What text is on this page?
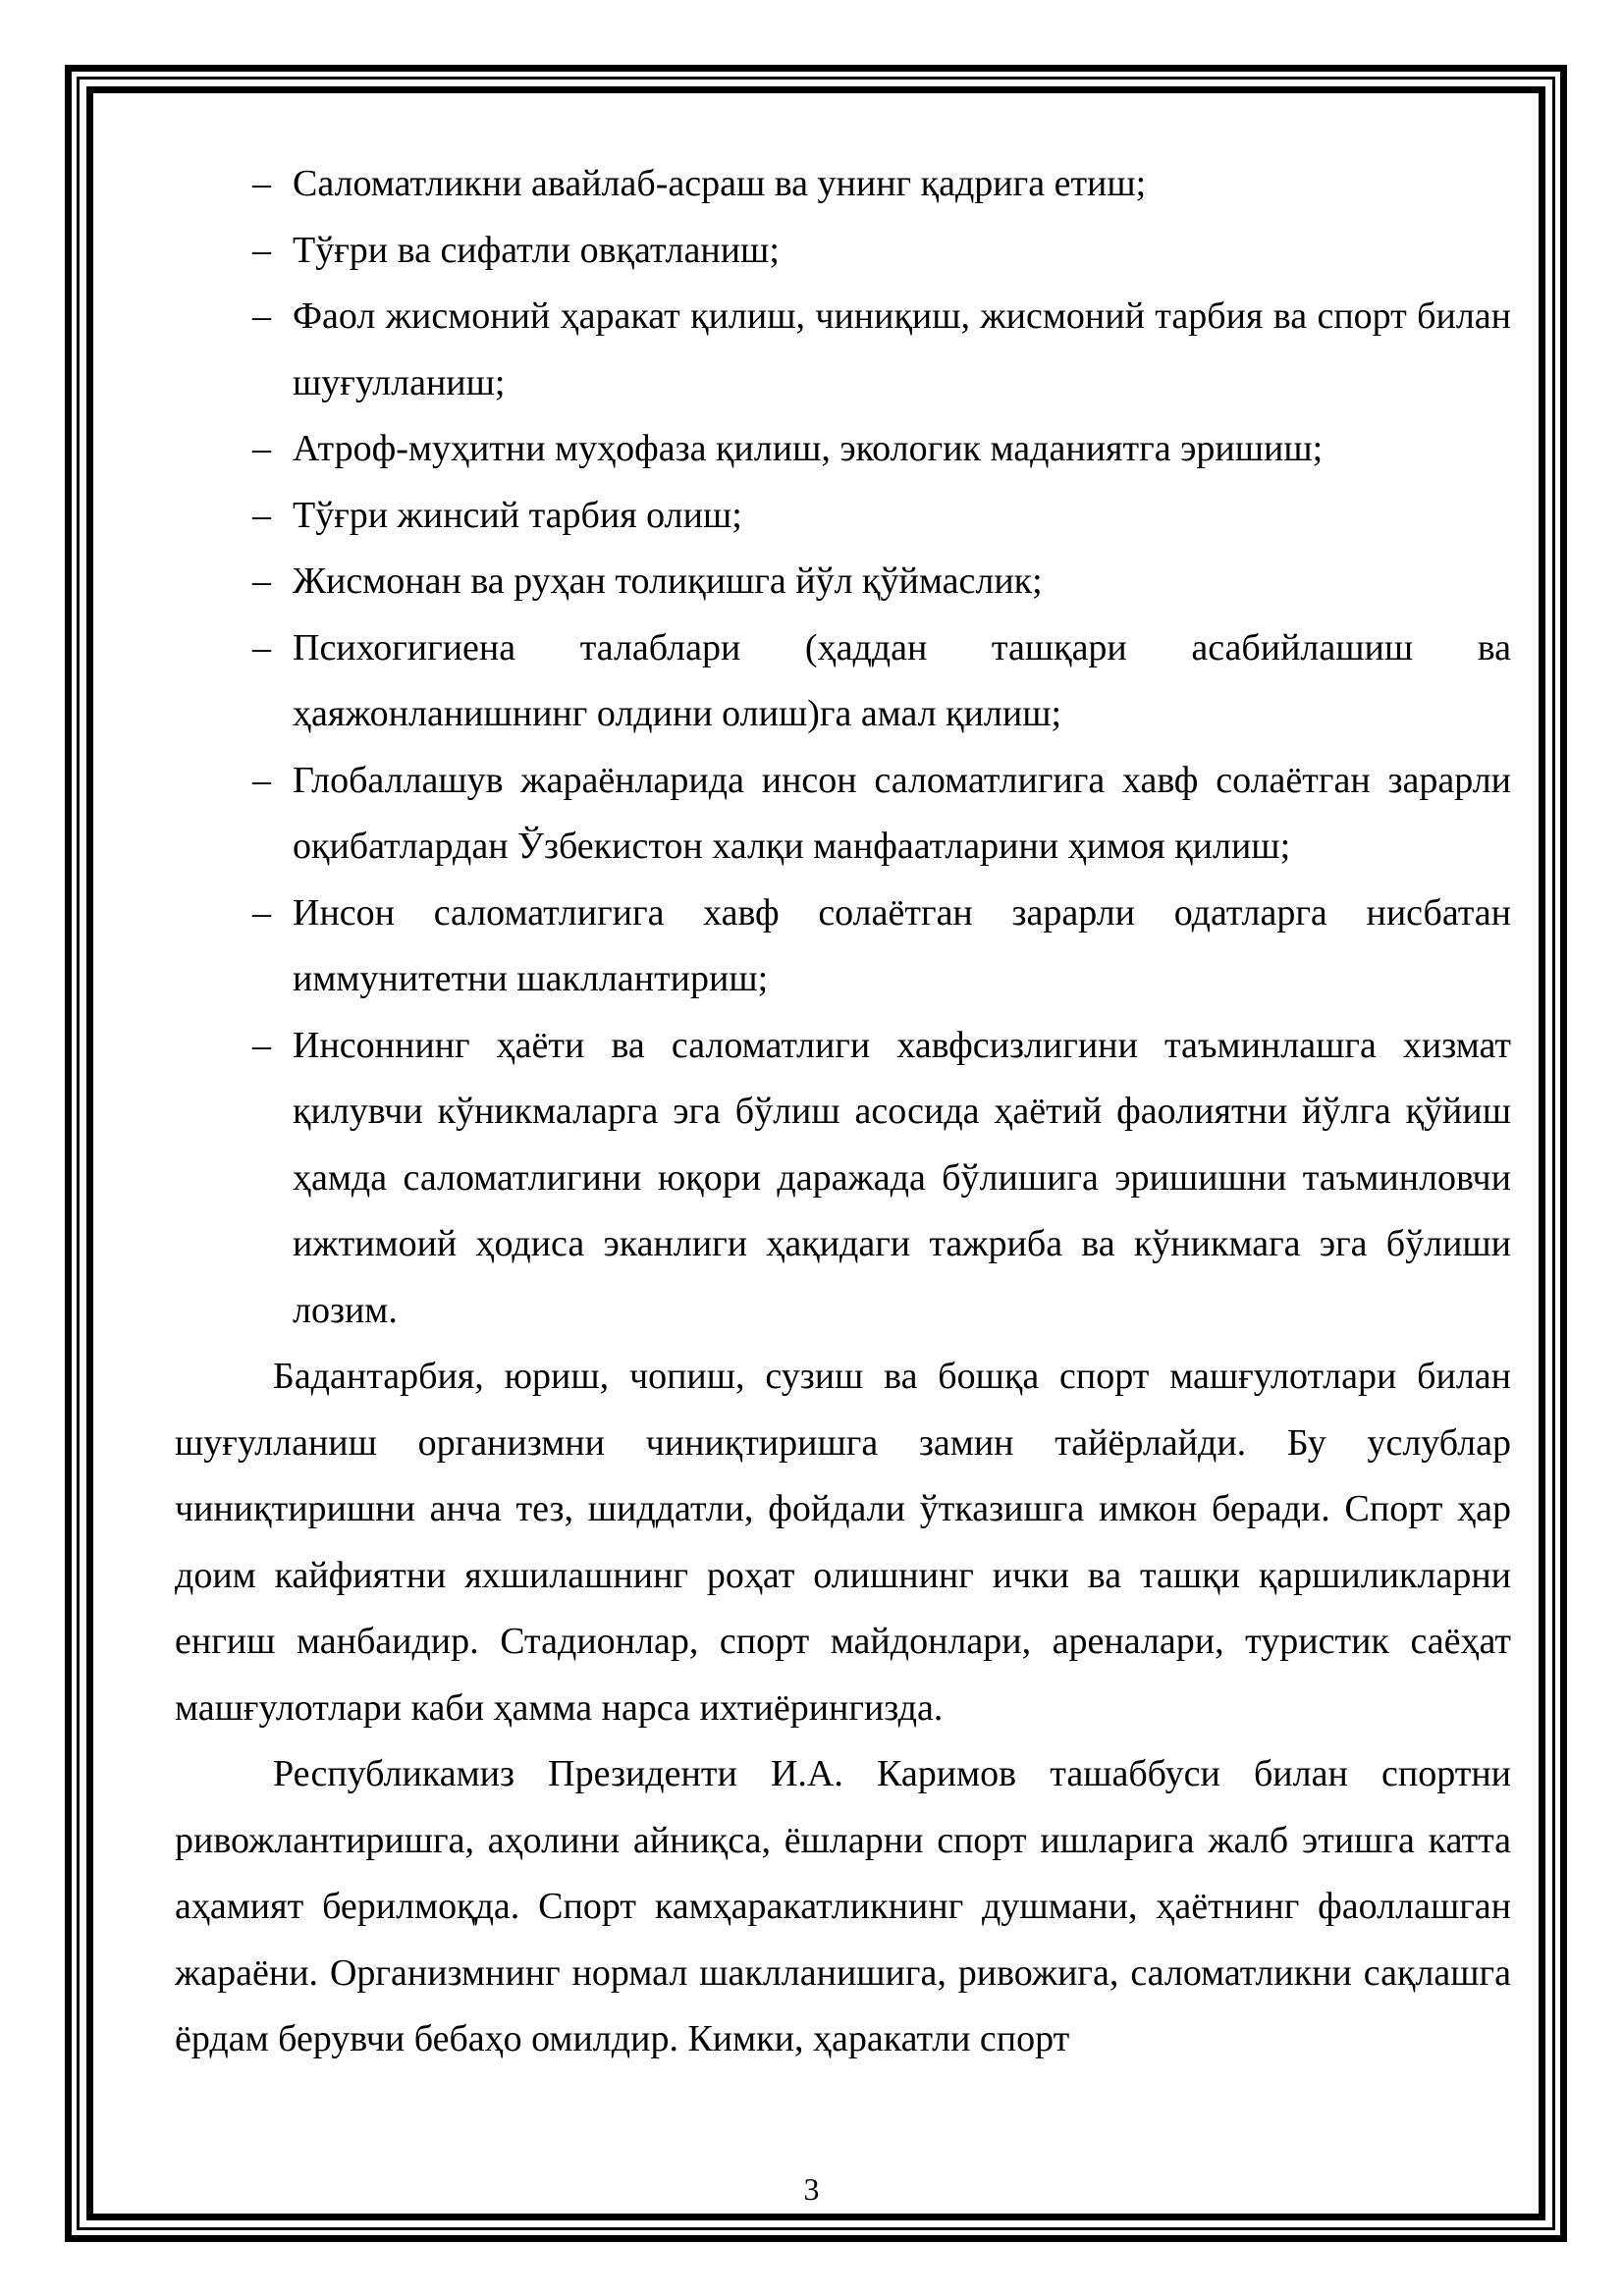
– Саломатликни авайлаб-асраш ва унинг қадрига етиш;
– Тўғри ва сифатли овқатланиш;
– Фаол жисмоний ҳаракат қилиш, чиниқиш, жисмоний тарбия ва спорт билан шуғулланиш;
– Атроф-муҳитни муҳофаза қилиш, экологик маданиятга эришиш;
– Тўғри жинсий тарбия олиш;
– Жисмонан ва руҳан толиқишга йўл қўймаслик;
– Психогигиена талаблари (ҳаддан ташқари асабийлашиш ва ҳаяжонланишнинг олдини олиш)га амал қилиш;
– Глобаллашув жараёнларида инсон саломатлигига хавф солаётган зарарли оқибатлардан Ўзбекистон халқи манфаатларини ҳимоя қилиш;
– Инсон саломатлигига хавф солаётган зарарли одатларга нисбатан иммунитетни шакллантириш;
– Инсоннинг ҳаёти ва саломатлиги хавфсизлигини таъминлашга хизмат қилувчи кўникмаларга эга бўлиш асосида ҳаётий фаолиятни йўлга қўйиш ҳамда саломатлигини юқори даражада бўлишига эришишни таъминловчи ижтимоий ҳодиса эканлиги ҳақидаги тажриба ва кўникмага эга бўлиши лозим.

Бадантарбия, юриш, чопиш, сузиш ва бошқа спорт машғулотлари билан шуғулланиш организмни чиниқтиришга замин тайёрлайди. Бу услублар чиниқтиришни анча тез, шиддатли, фойдали ўтказишга имкон беради. Спорт ҳар доим кайфиятни яхшилашнинг роҳат олишнинг ички ва ташқи қаршиликларни енгиш манбаидир. Стадионлар, спорт майдонлари, ареналари, туристик саёҳат машғулотлари каби ҳамма нарса ихтиёрингизда.

Республикамиз Президенти И.А. Каримов ташаббуси билан спортни ривожлантиришга, аҳолини айниқса, ёшларни спорт ишларига жалб этишга катта аҳамият берилмоқда. Спорт камҳаракатликнинг душмани, ҳаётнинг фаоллашган жараёни. Организмнинг нормал шаклланишига, ривожига, саломатликни сақлашга ёрдам берувчи бебаҳо омилдир. Кимки, ҳаракатли спорт

3
